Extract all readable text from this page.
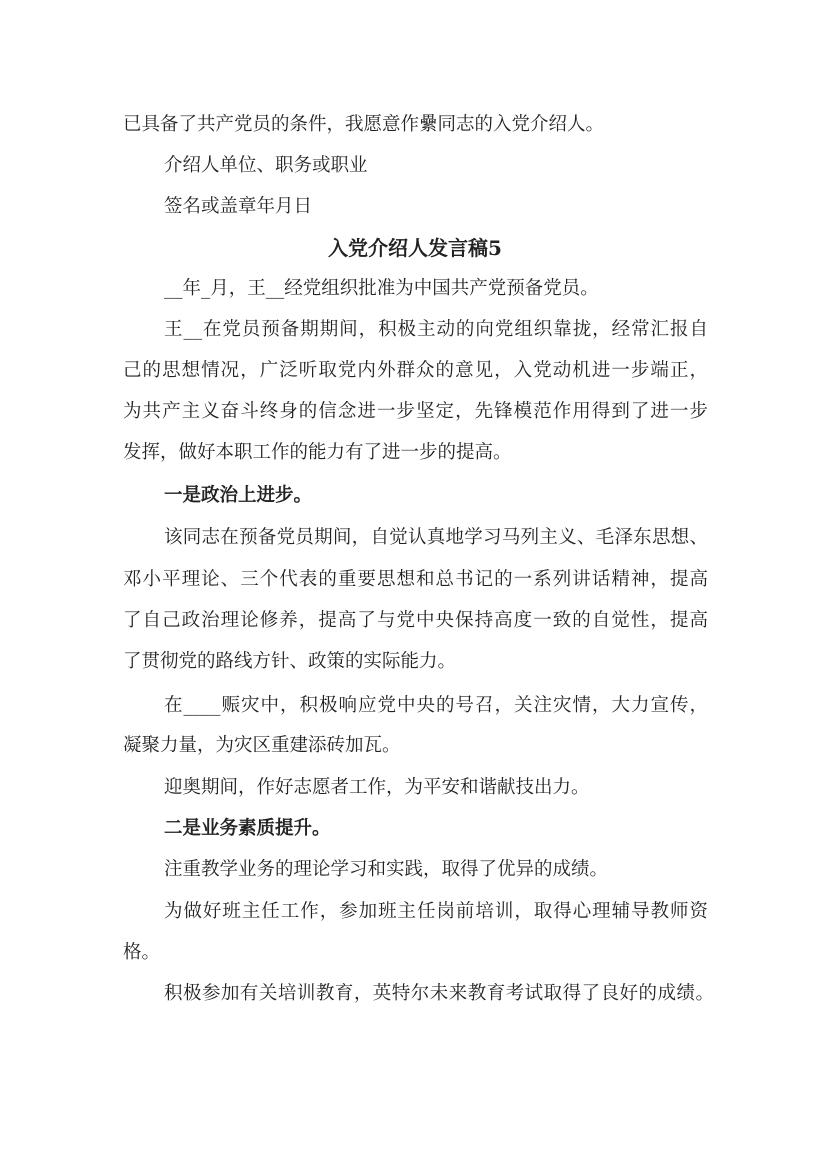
已具备了共产党员的条件，我愿意作纍同志的入党介绍人。
介绍人单位、职务或职业
签名或盖章年月日
入党介绍人发言稿5
__年_月，王__经党组织批准为中国共产党预备党员。
王__在党员预备期期间，积极主动的向党组织靠拢，经常汇报自
己的思想情况，广泛听取党内外群众的意见，入党动机进一步端正，
为共产主义奋斗终身的信念进一步坚定，先锋模范作用得到了进一步
发挥，做好本职工作的能力有了进一步的提高。
一是政治上进步。
该同志在预备党员期间，自觉认真地学习马列主义、毛泽东思想、
邓小平理论、三个代表的重要思想和总书记的一系列讲话精神，提高
了自己政治理论修养，提高了与党中央保持高度一致的自觉性，提高
了贯彻党的路线方针、政策的实际能力。
在____赈灾中，积极响应党中央的号召，关注灾情，大力宣传，
凝聚力量，为灾区重建添砖加瓦。
迎奥期间，作好志愿者工作，为平安和谐献技出力。
二是业务素质提升。
注重教学业务的理论学习和实践，取得了优异的成绩。
为做好班主任工作，参加班主任岗前培训，取得心理辅导教师资
格。
积极参加有关培训教育，英特尔未来教育考试取得了良好的成绩。
